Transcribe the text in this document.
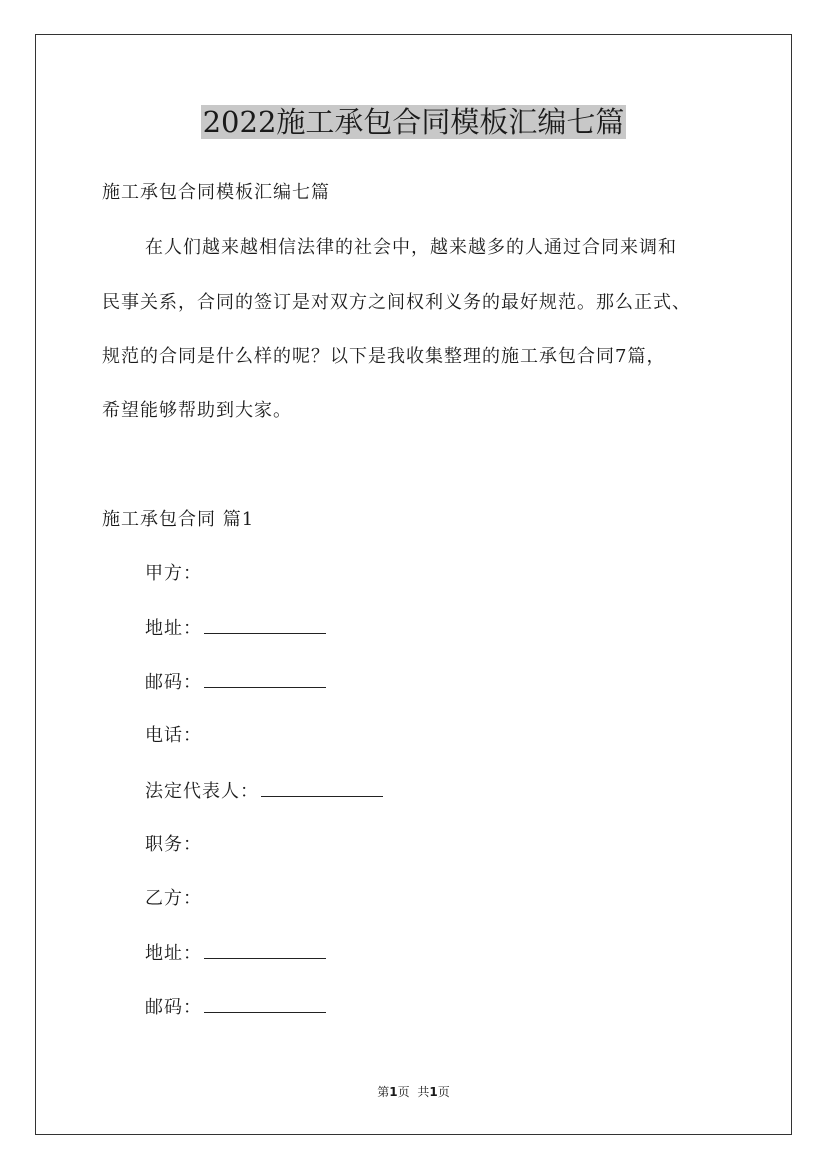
2022施工承包合同模板汇编七篇
施工承包合同模板汇编七篇
在人们越来越相信法律的社会中，越来越多的人通过合同来调和
民事关系，合同的签订是对双方之间权利义务的最好规范。那么正式、
规范的合同是什么样的呢？以下是我收集整理的施工承包合同7篇，
希望能够帮助到大家。
施工承包合同 篇1
甲方：
地址：
邮码：
电话：
法定代表人：
职务：
乙方：
地址：
邮码：
第1页 共1页
